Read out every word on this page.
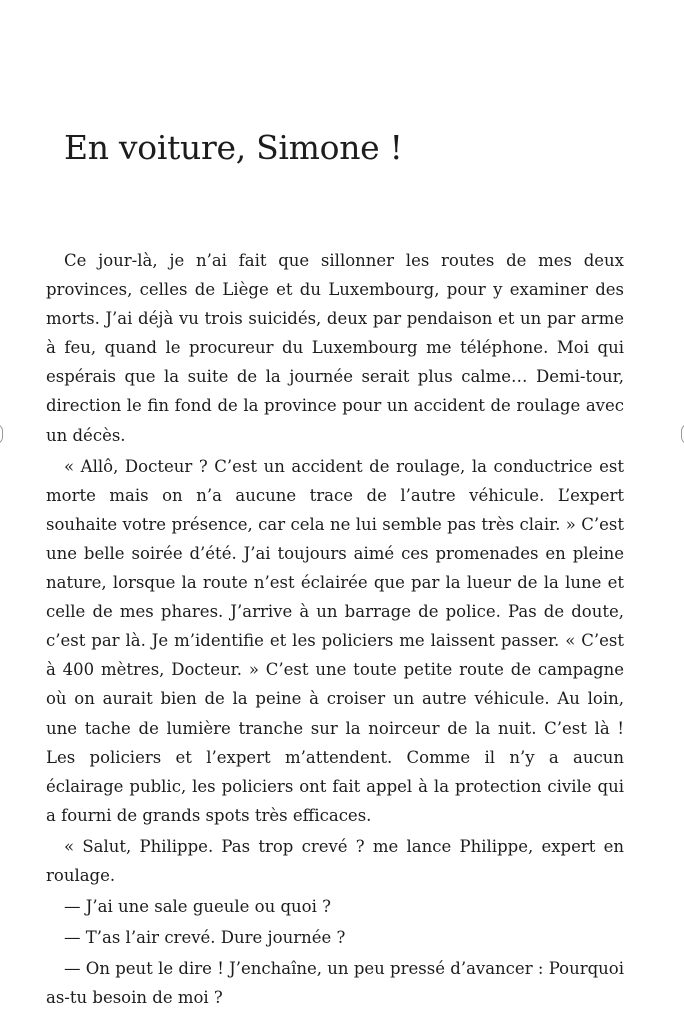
En voiture, Simone !

Ce jour-là, je n’ai fait que sillonner les routes de mes deux provinces, celles de Liège et du Luxembourg, pour y examiner des morts. J’ai déjà vu trois suicidés, deux par pendaison et un par arme à feu, quand le procureur du Luxembourg me téléphone. Moi qui espérais que la suite de la journée serait plus calme… Demi-tour, direction le fin fond de la province pour un accident de roulage avec un décès.

« Allô, Docteur ? C’est un accident de roulage, la conductrice est morte mais on n’a aucune trace de l’autre véhicule. L’expert souhaite votre présence, car cela ne lui semble pas très clair. » C’est une belle soirée d’été. J’ai toujours aimé ces promenades en pleine nature, lorsque la route n’est éclairée que par la lueur de la lune et celle de mes phares. J’arrive à un barrage de police. Pas de doute, c’est par là. Je m’identifie et les policiers me laissent passer. « C’est à 400 mètres, Docteur. » C’est une toute petite route de campagne où on aurait bien de la peine à croiser un autre véhicule. Au loin, une tache de lumière tranche sur la noirceur de la nuit. C’est là ! Les policiers et l’expert m’attendent. Comme il n’y a aucun éclairage public, les policiers ont fait appel à la protection civile qui a fourni de grands spots très efficaces.

« Salut, Philippe. Pas trop crevé ? me lance Philippe, expert en roulage.

— J’ai une sale gueule ou quoi ?

— T’as l’air crevé. Dure journée ?

— On peut le dire ! J’enchaîne, un peu pressé d’avancer : Pourquoi as-tu besoin de moi ?
